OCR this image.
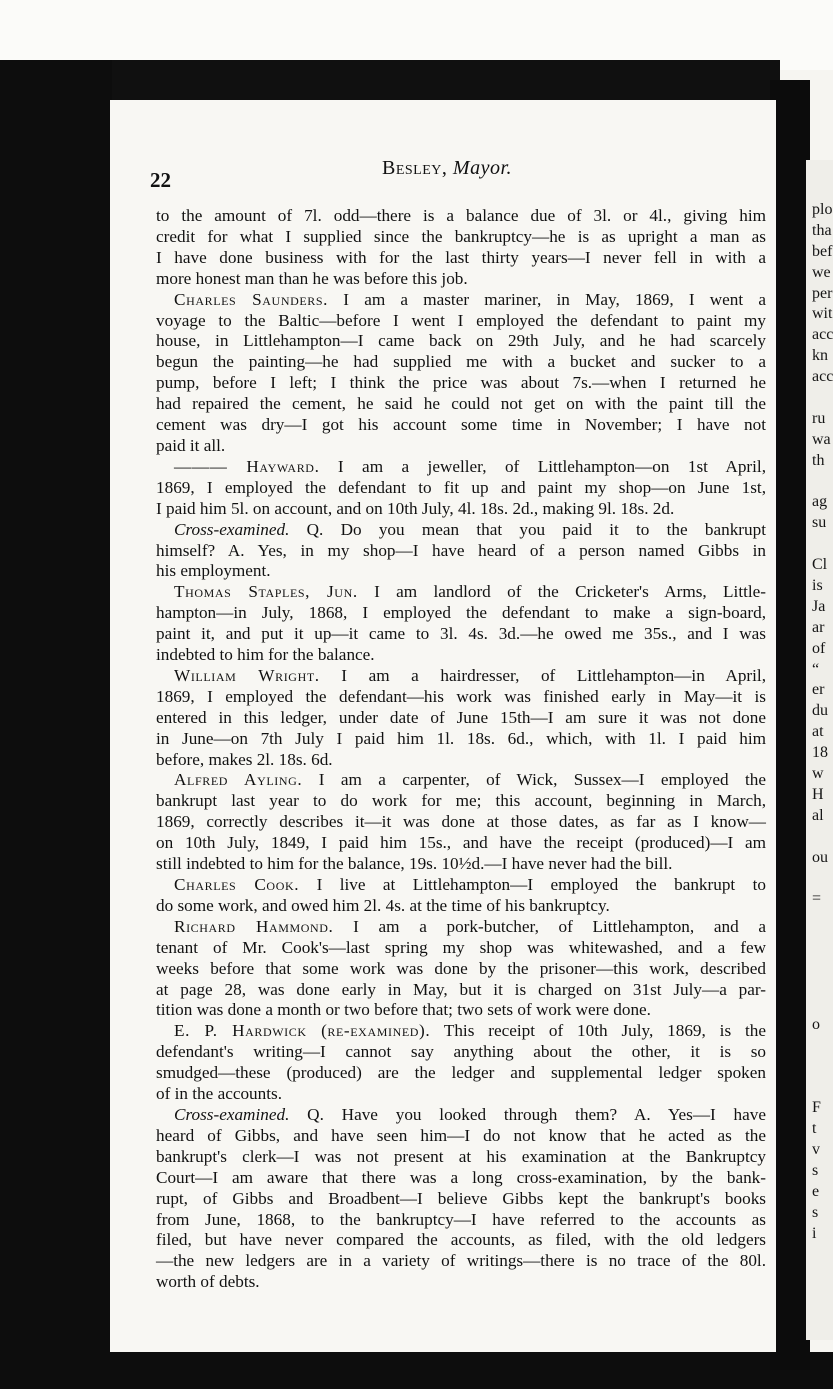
22	Besley, Mayor.

to the amount of 7l. odd—there is a balance due of 3l. or 4l., giving him
credit for what I supplied since the bankruptcy—he is as upright a man as
I have done business with for the last thirty years—I never fell in with a
more honest man than he was before this job.

Charles Saunders. I am a master mariner, in May, 1869, I went a
voyage to the Baltic—before I went I employed the defendant to paint my
house, in Littlehampton—I came back on 29th July, and he had scarcely
begun the painting—he had supplied me with a bucket and sucker to a
pump, before I left; I think the price was about 7s.—when I returned he
had repaired the cement, he said he could not get on with the paint till the
cement was dry—I got his account some time in November; I have not
paid it all.

——— Hayward. I am a jeweller, of Littlehampton—on 1st April,
1869, I employed the defendant to fit up and paint my shop—on June 1st,
I paid him 5l. on account, and on 10th July, 4l. 18s. 2d., making 9l. 18s. 2d.

Cross-examined. Q. Do you mean that you paid it to the bankrupt
himself? A. Yes, in my shop—I have heard of a person named Gibbs in
his employment.

Thomas Staples, Jun. I am landlord of the Cricketer's Arms, Little-
hampton—in July, 1868, I employed the defendant to make a sign-board,
paint it, and put it up—it came to 3l. 4s. 3d.—he owed me 35s., and I was
indebted to him for the balance.

William Wright. I am a hairdresser, of Littlehampton—in April,
1869, I employed the defendant—his work was finished early in May—it is
entered in this ledger, under date of June 15th—I am sure it was not done
in June—on 7th July I paid him 1l. 18s. 6d., which, with 1l. I paid him
before, makes 2l. 18s. 6d.

Alfred Ayling. I am a carpenter, of Wick, Sussex—I employed the
bankrupt last year to do work for me; this account, beginning in March,
1869, correctly describes it—it was done at those dates, as far as I know—
on 10th July, 1849, I paid him 15s., and have the receipt (produced)—I am
still indebted to him for the balance, 19s. 10½d.—I have never had the bill.

Charles Cook. I live at Littlehampton—I employed the bankrupt to
do some work, and owed him 2l. 4s. at the time of his bankruptcy.

Richard Hammond. I am a pork-butcher, of Littlehampton, and a
tenant of Mr. Cook's—last spring my shop was whitewashed, and a few
weeks before that some work was done by the prisoner—this work, described
at page 28, was done early in May, but it is charged on 31st July—a par-
tition was done a month or two before that; two sets of work were done.

E. P. Hardwick (re-examined). This receipt of 10th July, 1869, is the
defendant's writing—I cannot say anything about the other, it is so
smudged—these (produced) are the ledger and supplemental ledger spoken
of in the accounts.

Cross-examined. Q. Have you looked through them? A. Yes—I have
heard of Gibbs, and have seen him—I do not know that he acted as the
bankrupt's clerk—I was not present at his examination at the Bankruptcy
Court—I am aware that there was a long cross-examination, by the bank-
rupt, of Gibbs and Broadbent—I believe Gibbs kept the bankrupt's books
from June, 1868, to the bankruptcy—I have referred to the accounts as
filed, but have never compared the accounts, as filed, with the old ledgers
—the new ledgers are in a variety of writings—there is no trace of the 80l.
worth of debts.

plo
tha
bef
we
per
wit
acc
kn
acc
ru
wa
th
ag
su
Cl
is
Ja
ar
of
“
er
du
at
18
w
H
al
ou
=
o
F
t
v
s
e
s
i
